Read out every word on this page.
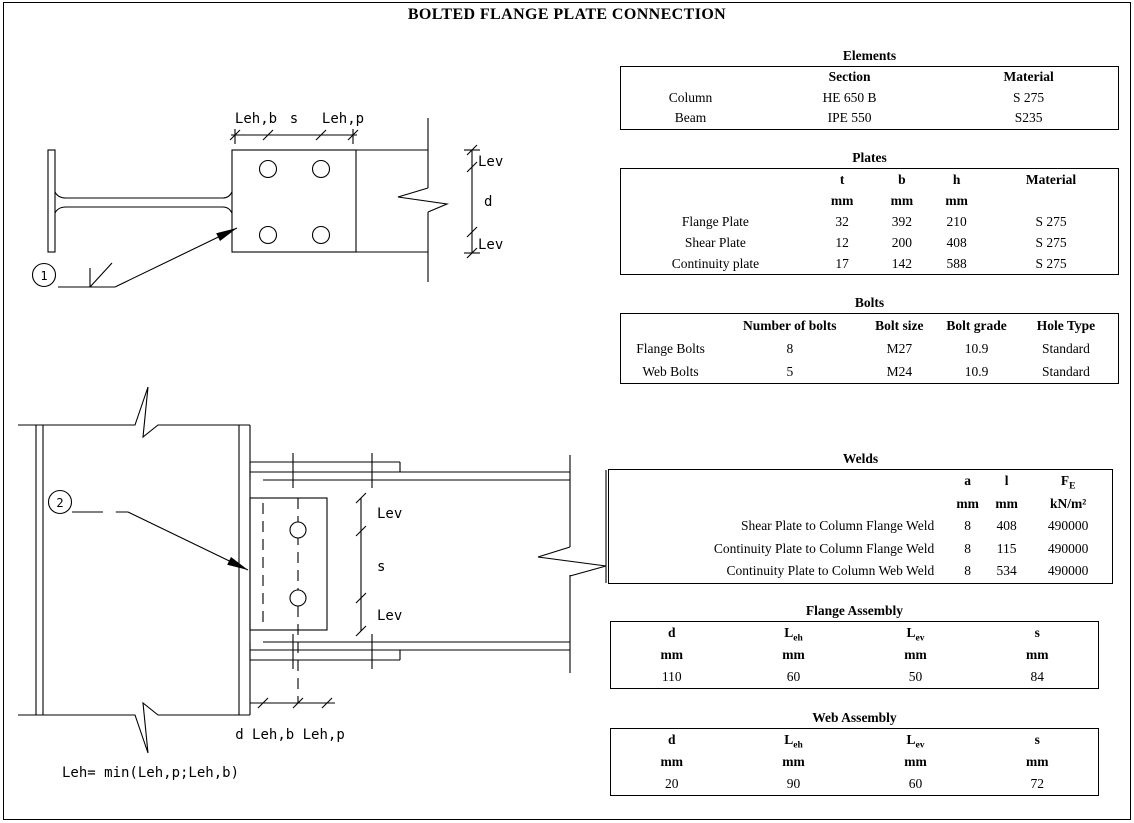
BOLTED FLANGE PLATE CONNECTION
Leh,b s Leh,p
Lev
d
Lev
1
Lev
s
Lev
d Leh,b Leh,p
Leh= min(Leh,p;Leh,b)
2
Elements
	Section	Material
Column	HE 650 B	S 275
Beam	IPE 550	S235
Plates
	t	b	h	Material
	mm	mm	mm	
Flange Plate	32	392	210	S 275
Shear Plate	12	200	408	S 275
Continuity plate	17	142	588	S 275
Bolts
	Number of bolts	Bolt size	Bolt grade	Hole Type
Flange Bolts	8	M27	10.9	Standard
Web Bolts	5	M24	10.9	Standard
Welds
	a	l	$F_E$
	mm	mm	kN/m²
Shear Plate to Column Flange Weld	8	408	490000
Continuity Plate to Column Flange Weld	8	115	490000
Continuity Plate to Column Web Weld	8	534	490000
Flange Assembly
d	$L_{eh}$	$L_{ev}$	s
mm	mm	mm	mm
110	60	50	84
Web Assembly
d	$L_{eh}$	$L_{ev}$	s
mm	mm	mm	mm
20	90	60	72
